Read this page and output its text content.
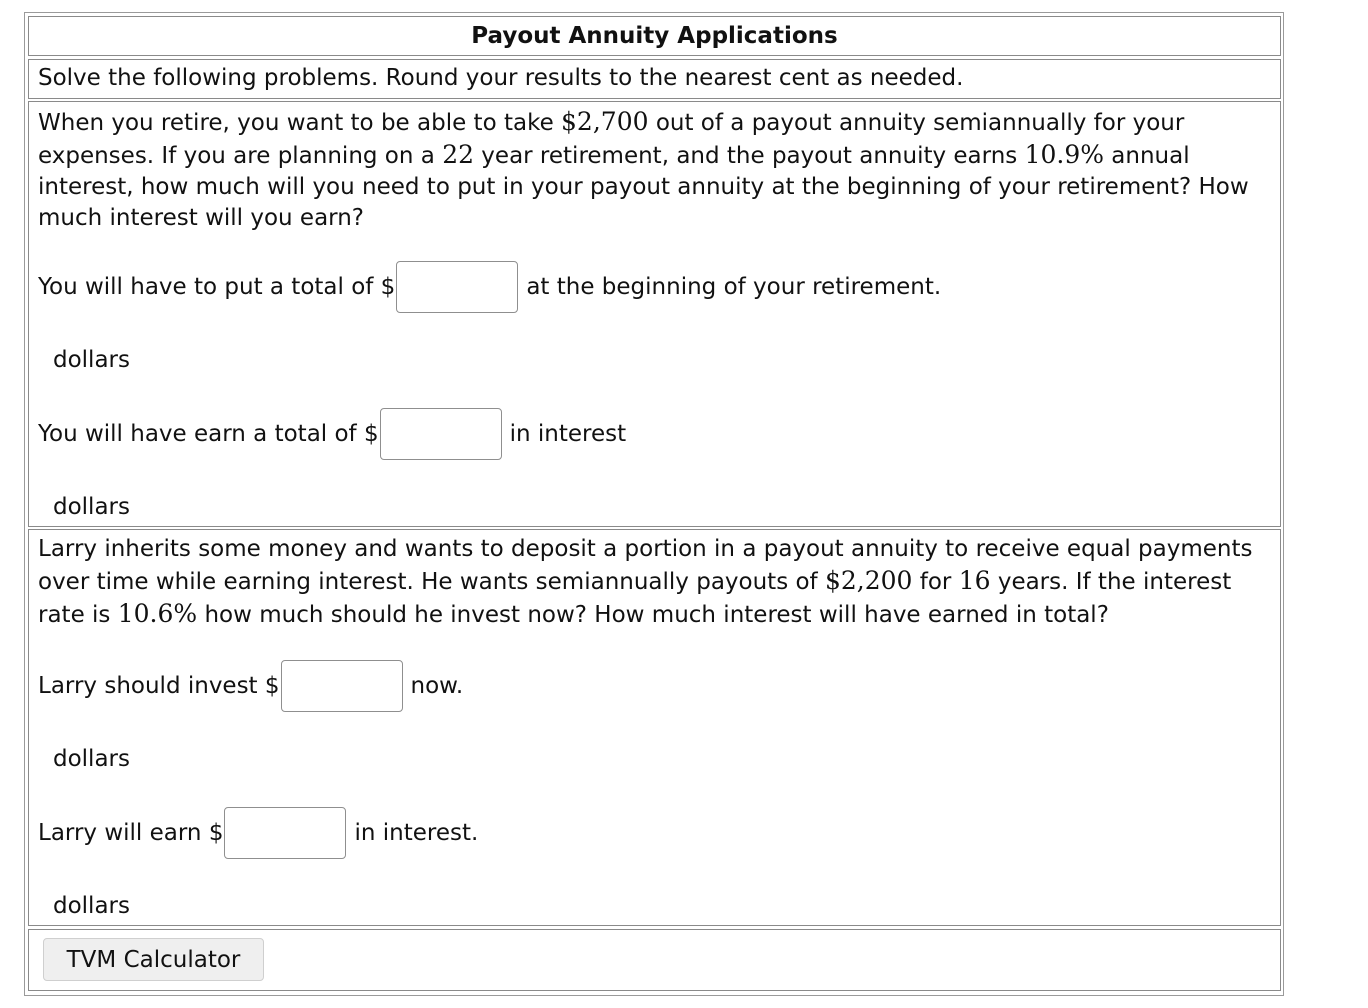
Payout Annuity Applications
Solve the following problems. Round your results to the nearest cent as needed.
When you retire, you want to be able to take $2,700 out of a payout annuity semiannually for your expenses. If you are planning on a 22 year retirement, and the payout annuity earns 10.9% annual interest, how much will you need to put in your payout annuity at the beginning of your retirement? How much interest will you earn?
You will have to put a total of $	at the beginning of your retirement.
dollars
You will have earn a total of $	in interest
dollars
Larry inherits some money and wants to deposit a portion in a payout annuity to receive equal payments over time while earning interest. He wants semiannually payouts of $2,200 for 16 years. If the interest rate is 10.6% how much should he invest now? How much interest will have earned in total?
Larry should invest $	now.
dollars
Larry will earn $	in interest.
dollars
TVM Calculator
